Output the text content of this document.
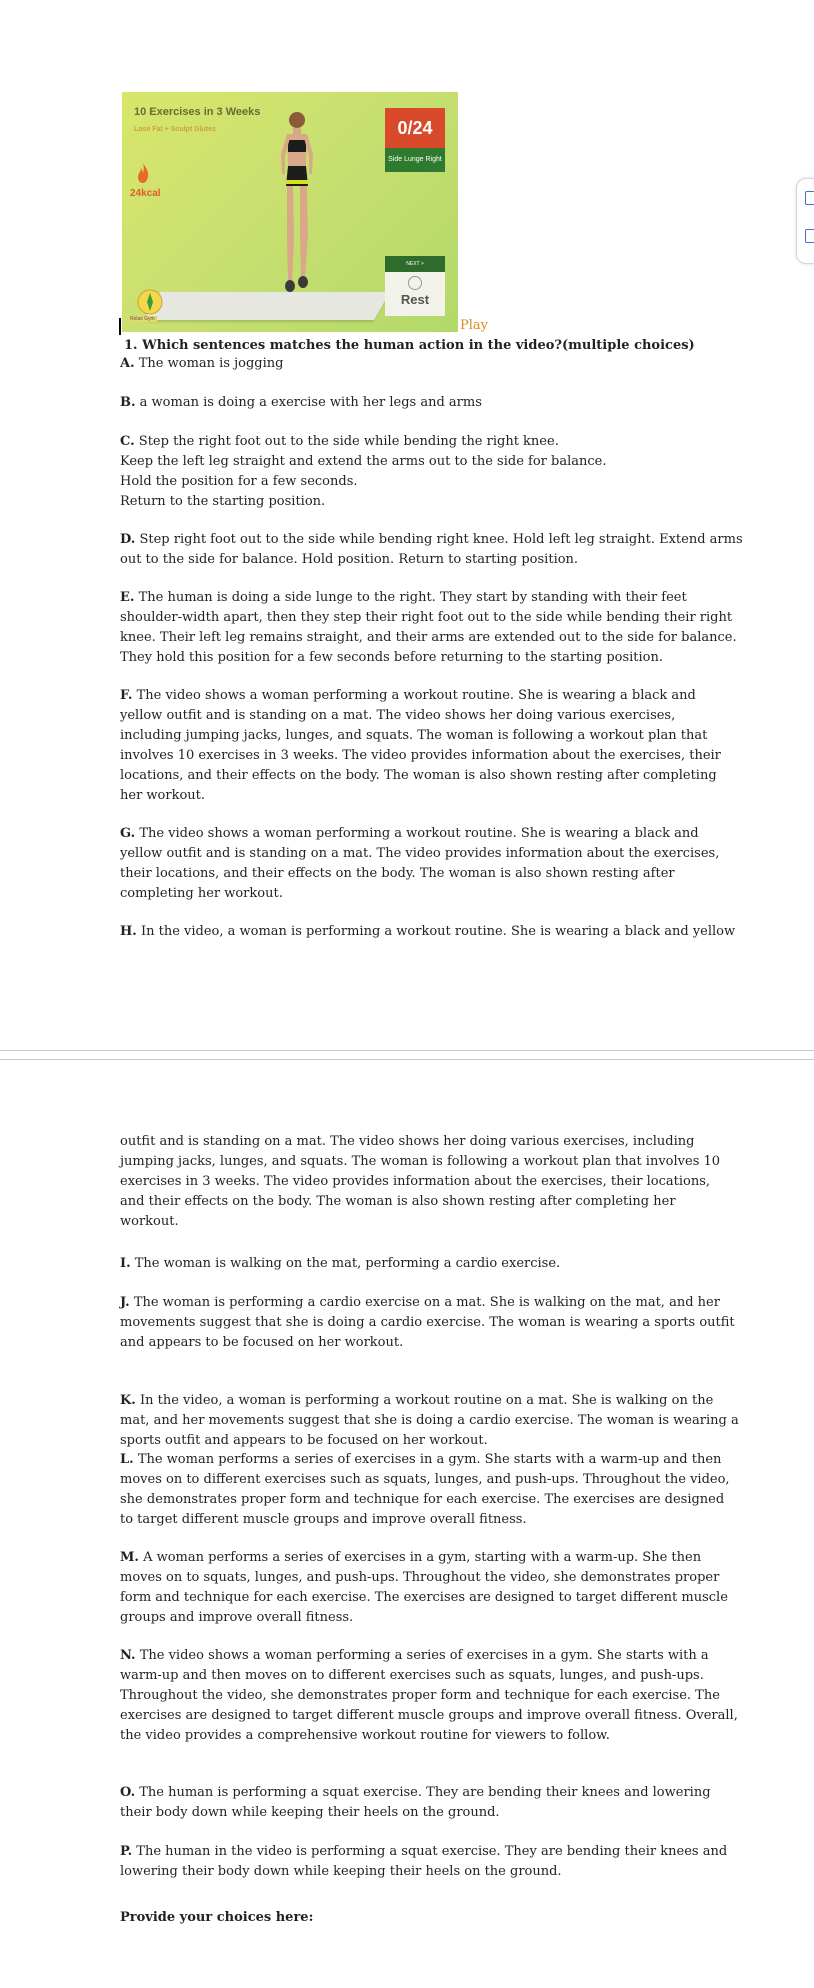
10 Exercises in 3 Weeks
Lose Fat + Sculpt Glutes
24kcal
0/24
Side Lunge Right
NEXT >
Rest
Relax Gym	Play
1. Which sentences matches the human action in the video?(multiple choices)
A. The woman is jogging
B. a woman is doing a exercise with her legs and arms
C. Step the right foot out to the side while bending the right knee.
Keep the left leg straight and extend the arms out to the side for balance.
Hold the position for a few seconds.
Return to the starting position.
D. Step right foot out to the side while bending right knee. Hold left leg straight. Extend arms
out to the side for balance. Hold position. Return to starting position.
E. The human is doing a side lunge to the right. They start by standing with their feet
shoulder-width apart, then they step their right foot out to the side while bending their right
knee. Their left leg remains straight, and their arms are extended out to the side for balance.
They hold this position for a few seconds before returning to the starting position.
F. The video shows a woman performing a workout routine. She is wearing a black and
yellow outfit and is standing on a mat. The video shows her doing various exercises,
including jumping jacks, lunges, and squats. The woman is following a workout plan that
involves 10 exercises in 3 weeks. The video provides information about the exercises, their
locations, and their effects on the body. The woman is also shown resting after completing
her workout.
G. The video shows a woman performing a workout routine. She is wearing a black and
yellow outfit and is standing on a mat. The video provides information about the exercises,
their locations, and their effects on the body. The woman is also shown resting after
completing her workout.
H. In the video, a woman is performing a workout routine. She is wearing a black and yellow
outfit and is standing on a mat. The video shows her doing various exercises, including
jumping jacks, lunges, and squats. The woman is following a workout plan that involves 10
exercises in 3 weeks. The video provides information about the exercises, their locations,
and their effects on the body. The woman is also shown resting after completing her
workout.
I. The woman is walking on the mat, performing a cardio exercise.
J. The woman is performing a cardio exercise on a mat. She is walking on the mat, and her
movements suggest that she is doing a cardio exercise. The woman is wearing a sports outfit
and appears to be focused on her workout.
K. In the video, a woman is performing a workout routine on a mat. She is walking on the
mat, and her movements suggest that she is doing a cardio exercise. The woman is wearing a
sports outfit and appears to be focused on her workout.
L. The woman performs a series of exercises in a gym. She starts with a warm-up and then
moves on to different exercises such as squats, lunges, and push-ups. Throughout the video,
she demonstrates proper form and technique for each exercise. The exercises are designed
to target different muscle groups and improve overall fitness.
M. A woman performs a series of exercises in a gym, starting with a warm-up. She then
moves on to squats, lunges, and push-ups. Throughout the video, she demonstrates proper
form and technique for each exercise. The exercises are designed to target different muscle
groups and improve overall fitness.
N. The video shows a woman performing a series of exercises in a gym. She starts with a
warm-up and then moves on to different exercises such as squats, lunges, and push-ups.
Throughout the video, she demonstrates proper form and technique for each exercise. The
exercises are designed to target different muscle groups and improve overall fitness. Overall,
the video provides a comprehensive workout routine for viewers to follow.
O. The human is performing a squat exercise. They are bending their knees and lowering
their body down while keeping their heels on the ground.
P. The human in the video is performing a squat exercise. They are bending their knees and
lowering their body down while keeping their heels on the ground.
Provide your choices here:
